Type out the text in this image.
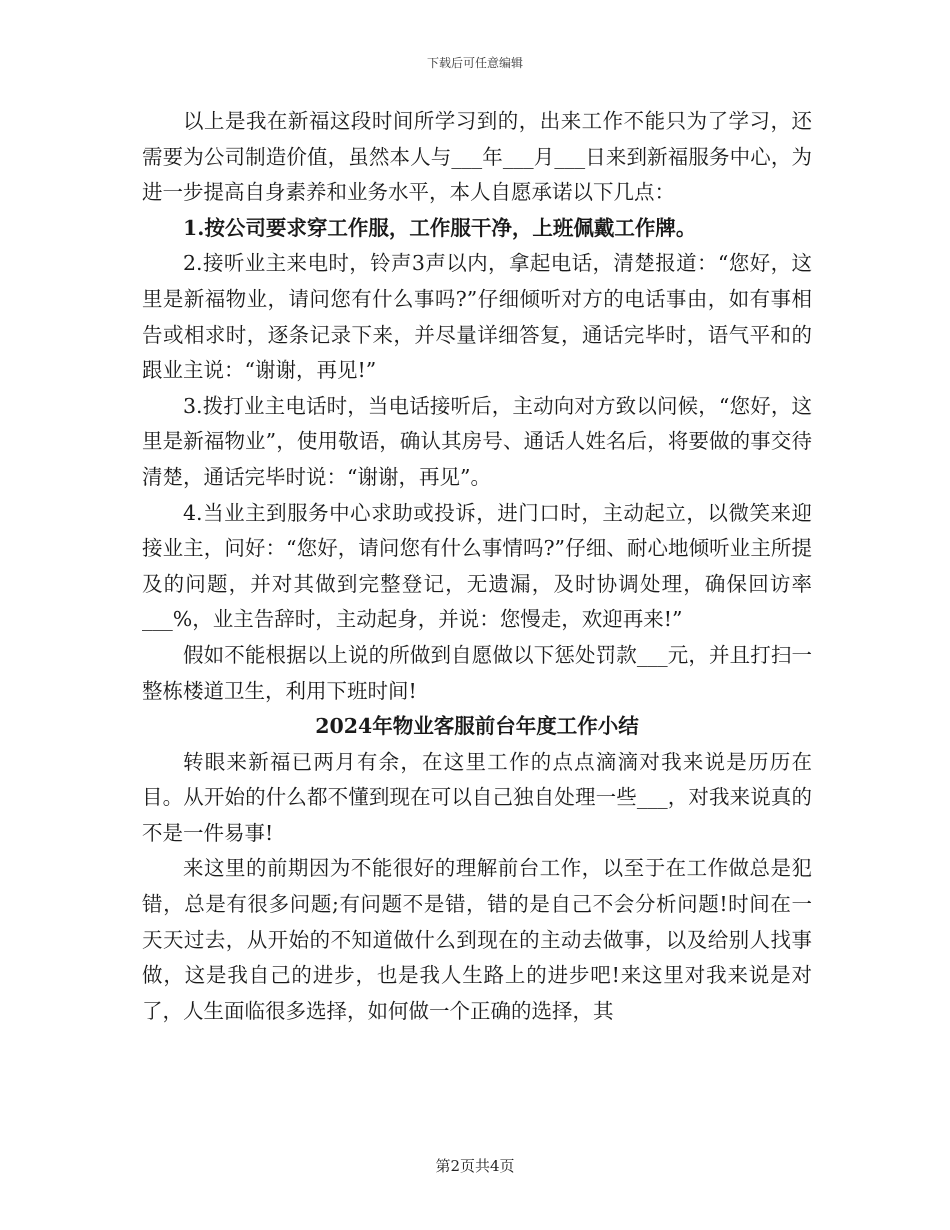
下载后可任意编辑

以上是我在新福这段时间所学习到的，出来工作不能只为了学习，还需要为公司制造价值，虽然本人与___年___月___日来到新福服务中心，为进一步提高自身素养和业务水平，本人自愿承诺以下几点：

1.按公司要求穿工作服，工作服干净，上班佩戴工作牌。

2.接听业主来电时，铃声3声以内，拿起电话，清楚报道：“您好，这里是新福物业，请问您有什么事吗?”仔细倾听对方的电话事由，如有事相告或相求时，逐条记录下来，并尽量详细答复，通话完毕时，语气平和的跟业主说：“谢谢，再见!”

3.拨打业主电话时，当电话接听后，主动向对方致以问候，“您好，这里是新福物业”，使用敬语，确认其房号、通话人姓名后，将要做的事交待清楚，通话完毕时说：“谢谢，再见”。

4.当业主到服务中心求助或投诉，进门口时，主动起立，以微笑来迎接业主，问好：“您好，请问您有什么事情吗?”仔细、耐心地倾听业主所提及的问题，并对其做到完整登记，无遗漏，及时协调处理，确保回访率___%，业主告辞时，主动起身，并说：您慢走，欢迎再来!”

假如不能根据以上说的所做到自愿做以下惩处罚款___元，并且打扫一整栋楼道卫生，利用下班时间!

2024年物业客服前台年度工作小结

转眼来新福已两月有余，在这里工作的点点滴滴对我来说是历历在目。从开始的什么都不懂到现在可以自己独自处理一些___，对我来说真的不是一件易事!

来这里的前期因为不能很好的理解前台工作，以至于在工作做总是犯错，总是有很多问题;有问题不是错，错的是自己不会分析问题!时间在一天天过去，从开始的不知道做什么到现在的主动去做事，以及给别人找事做，这是我自己的进步，也是我人生路上的进步吧!来这里对我来说是对了，人生面临很多选择，如何做一个正确的选择，其

第2页共4页
